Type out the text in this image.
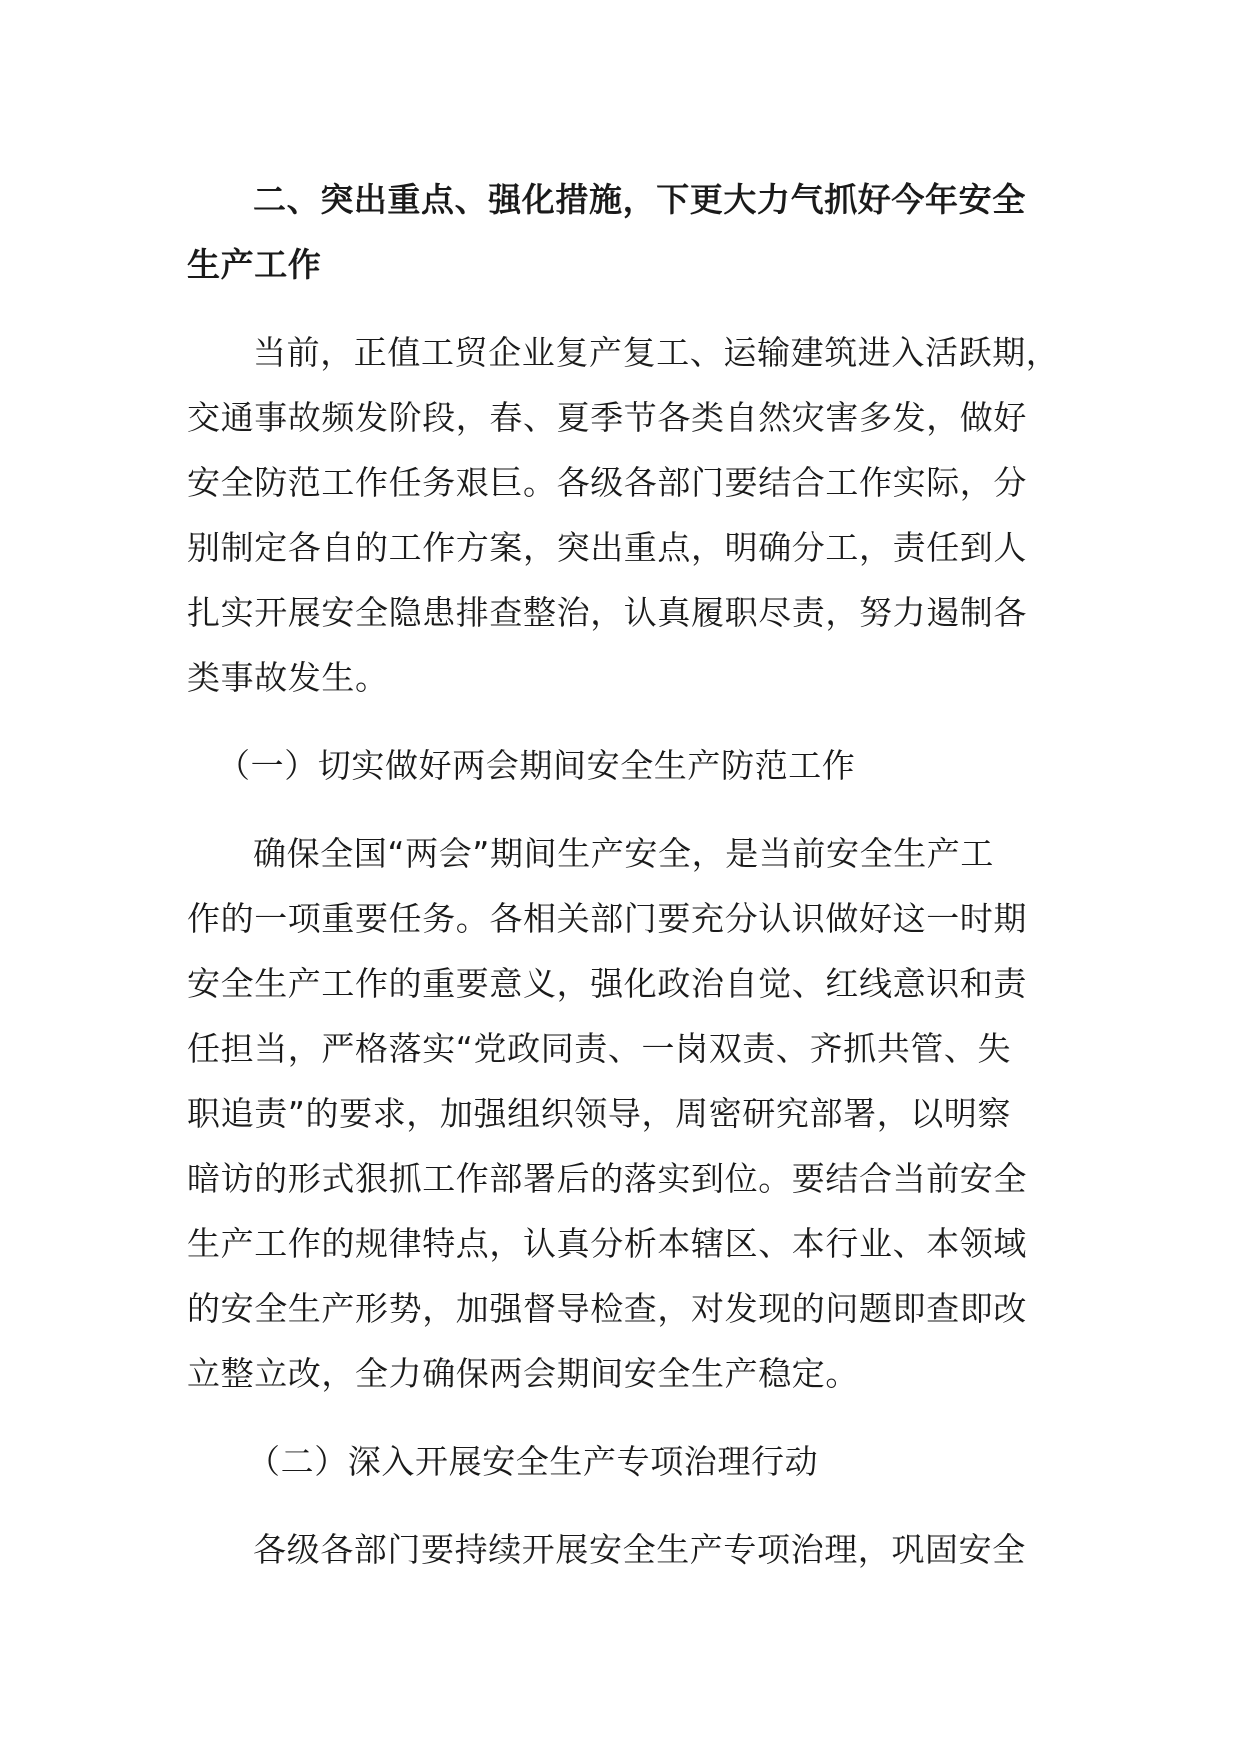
二、突出重点、强化措施，下更大力气抓好今年安全
生产工作
当前，正值工贸企业复产复工、运输建筑进入活跃期，
交通事故频发阶段，春、夏季节各类自然灾害多发，做好
安全防范工作任务艰巨。各级各部门要结合工作实际，分
别制定各自的工作方案，突出重点，明确分工，责任到人
扎实开展安全隐患排查整治，认真履职尽责，努力遏制各
类事故发生。
（一）切实做好两会期间安全生产防范工作
确保全国“两会”期间生产安全，是当前安全生产工
作的一项重要任务。各相关部门要充分认识做好这一时期
安全生产工作的重要意义，强化政治自觉、红线意识和责
任担当，严格落实“党政同责、一岗双责、齐抓共管、失
职追责”的要求，加强组织领导，周密研究部署，以明察
暗访的形式狠抓工作部署后的落实到位。要结合当前安全
生产工作的规律特点，认真分析本辖区、本行业、本领域
的安全生产形势，加强督导检查，对发现的问题即查即改
立整立改，全力确保两会期间安全生产稳定。
（二）深入开展安全生产专项治理行动
各级各部门要持续开展安全生产专项治理，巩固安全
